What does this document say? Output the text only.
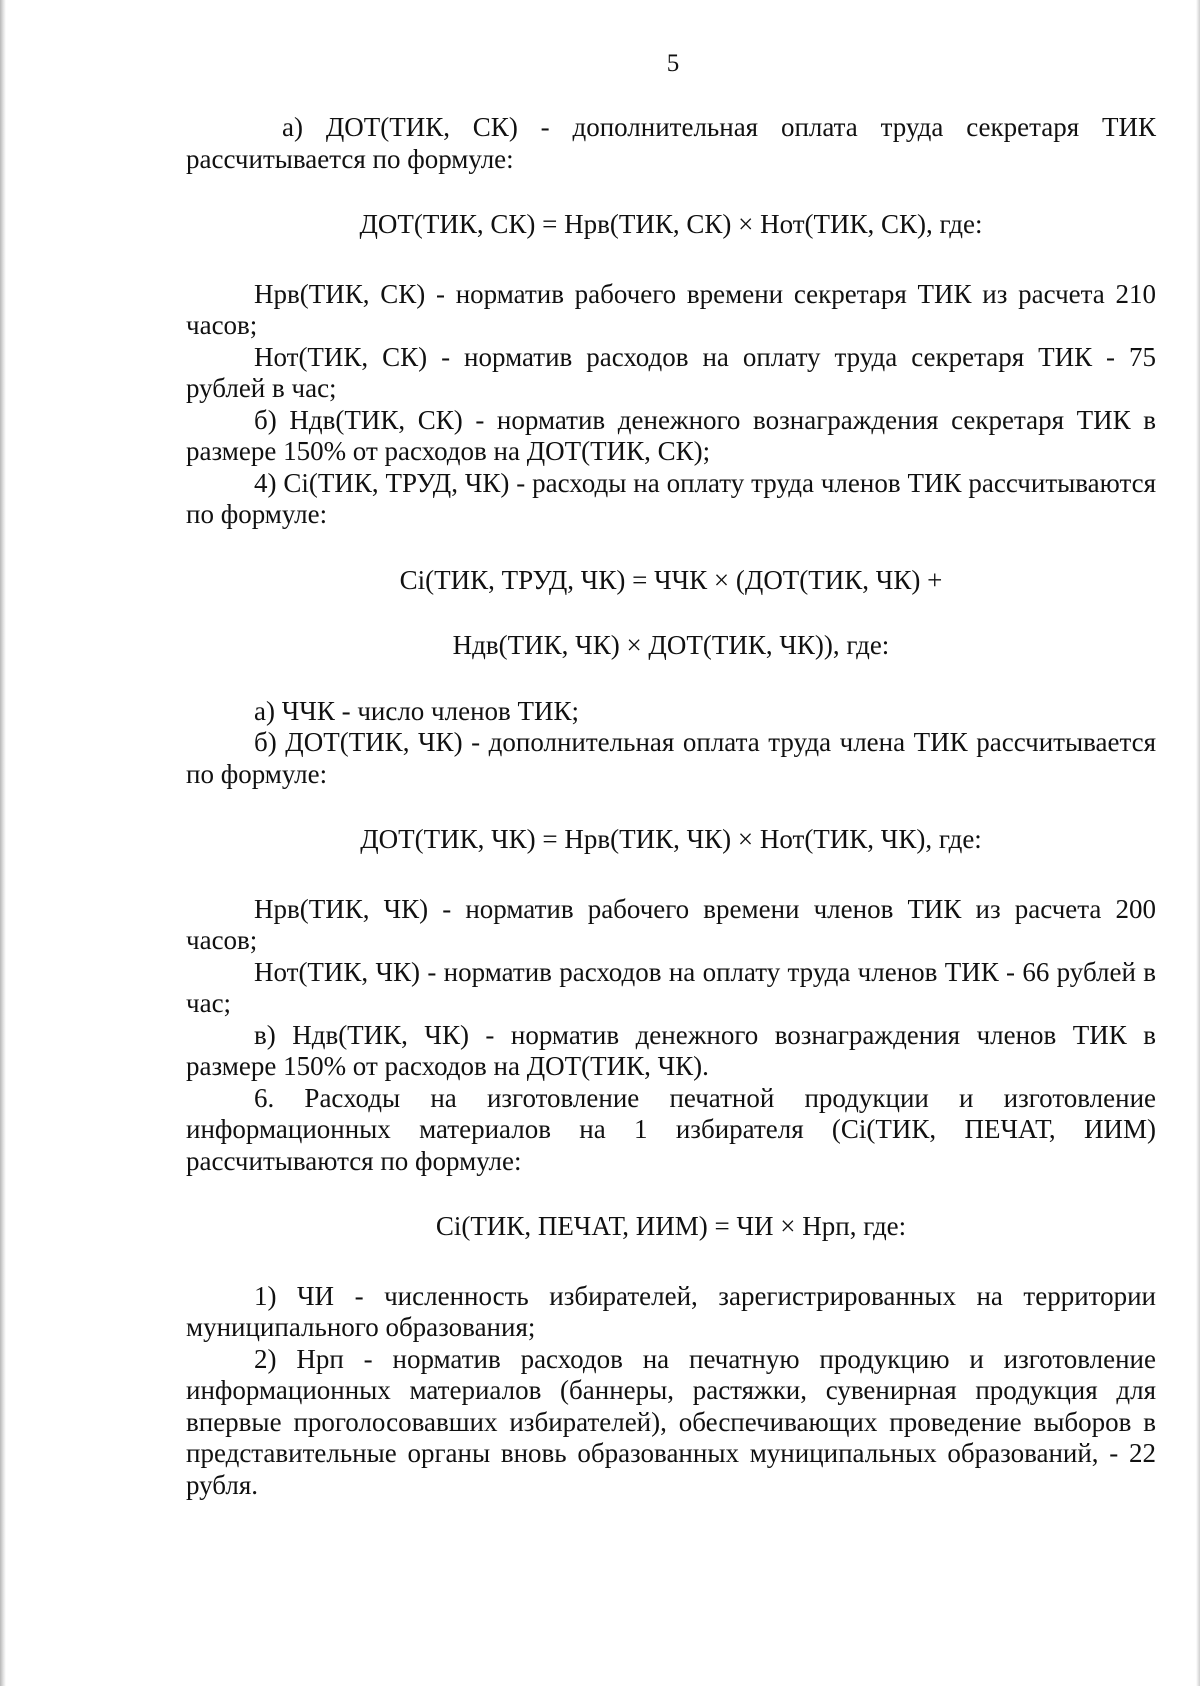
5

а) ДОТ(ТИК, СК) - дополнительная оплата труда секретаря ТИК рассчитывается по формуле:

ДОТ(ТИК, СК) = Нрв(ТИК, СК) × Нот(ТИК, СК), где:

Нрв(ТИК, СК) - норматив рабочего времени секретаря ТИК из расчета 210 часов;

Нот(ТИК, СК) - норматив расходов на оплату труда секретаря ТИК - 75 рублей в час;

б) Ндв(ТИК, СК) - норматив денежного вознаграждения секретаря ТИК в размере 150% от расходов на ДОТ(ТИК, СК);

4) Сi(ТИК, ТРУД, ЧК) - расходы на оплату труда членов ТИК рассчитываются по формуле:

Сi(ТИК, ТРУД, ЧК) = ЧЧК × (ДОТ(ТИК, ЧК) +

Ндв(ТИК, ЧК) × ДОТ(ТИК, ЧК)), где:

а) ЧЧК - число членов ТИК;

б) ДОТ(ТИК, ЧК) - дополнительная оплата труда члена ТИК рассчитывается по формуле:

ДОТ(ТИК, ЧК) = Нрв(ТИК, ЧК) × Нот(ТИК, ЧК), где:

Нрв(ТИК, ЧК) - норматив рабочего времени членов ТИК из расчета 200 часов;

Нот(ТИК, ЧК) - норматив расходов на оплату труда членов ТИК - 66 рублей в час;

в) Ндв(ТИК, ЧК) - норматив денежного вознаграждения членов ТИК в размере 150% от расходов на ДОТ(ТИК, ЧК).

6. Расходы на изготовление печатной продукции и изготовление информационных материалов на 1 избирателя (Сi(ТИК, ПЕЧАТ, ИИМ) рассчитываются по формуле:

Сi(ТИК, ПЕЧАТ, ИИМ) = ЧИ × Нрп, где:

1) ЧИ - численность избирателей, зарегистрированных на территории муниципального образования;

2) Нрп - норматив расходов на печатную продукцию и изготовление информационных материалов (баннеры, растяжки, сувенирная продукция для впервые проголосовавших избирателей), обеспечивающих проведение выборов в представительные органы вновь образованных муниципальных образований, - 22 рубля.
